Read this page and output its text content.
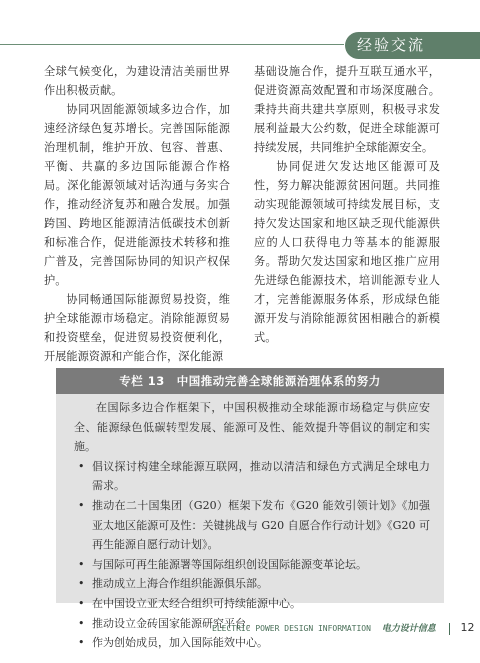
经验交流

全球气候变化，为建设清洁美丽世界作出积极贡献。

协同巩固能源领域多边合作，加速经济绿色复苏增长。完善国际能源治理机制，维护开放、包容、普惠、平衡、共赢的多边国际能源合作格局。深化能源领域对话沟通与务实合作，推动经济复苏和融合发展。加强跨国、跨地区能源清洁低碳技术创新和标准合作，促进能源技术转移和推广普及，完善国际协同的知识产权保护。

协同畅通国际能源贸易投资，维护全球能源市场稳定。消除能源贸易和投资壁垒，促进贸易投资便利化，开展能源资源和产能合作，深化能源

基础设施合作，提升互联互通水平，促进资源高效配置和市场深度融合。秉持共商共建共享原则，积极寻求发展利益最大公约数，促进全球能源可持续发展，共同维护全球能源安全。

协同促进欠发达地区能源可及性，努力解决能源贫困问题。共同推动实现能源领域可持续发展目标，支持欠发达国家和地区缺乏现代能源供应的人口获得电力等基本的能源服务。帮助欠发达国家和地区推广应用先进绿色能源技术，培训能源专业人才，完善能源服务体系，形成绿色能源开发与消除能源贫困相融合的新模式。

专栏 13　中国推动完善全球能源治理体系的努力

在国际多边合作框架下，中国积极推动全球能源市场稳定与供应安全、能源绿色低碳转型发展、能源可及性、能效提升等倡议的制定和实施。

• 倡议探讨构建全球能源互联网，推动以清洁和绿色方式满足全球电力需求。
• 推动在二十国集团（G20）框架下发布《G20 能效引领计划》《加强亚太地区能源可及性：关键挑战与 G20 自愿合作行动计划》《G20 可再生能源自愿行动计划》。
• 与国际可再生能源署等国际组织创设国际能源变革论坛。
• 推动成立上海合作组织能源俱乐部。
• 在中国设立亚太经合组织可持续能源中心。
• 推动设立金砖国家能源研究平台。
• 作为创始成员，加入国际能效中心。
ELECTRIC POWER DESIGN INFORMATION 电力设计信息 12
